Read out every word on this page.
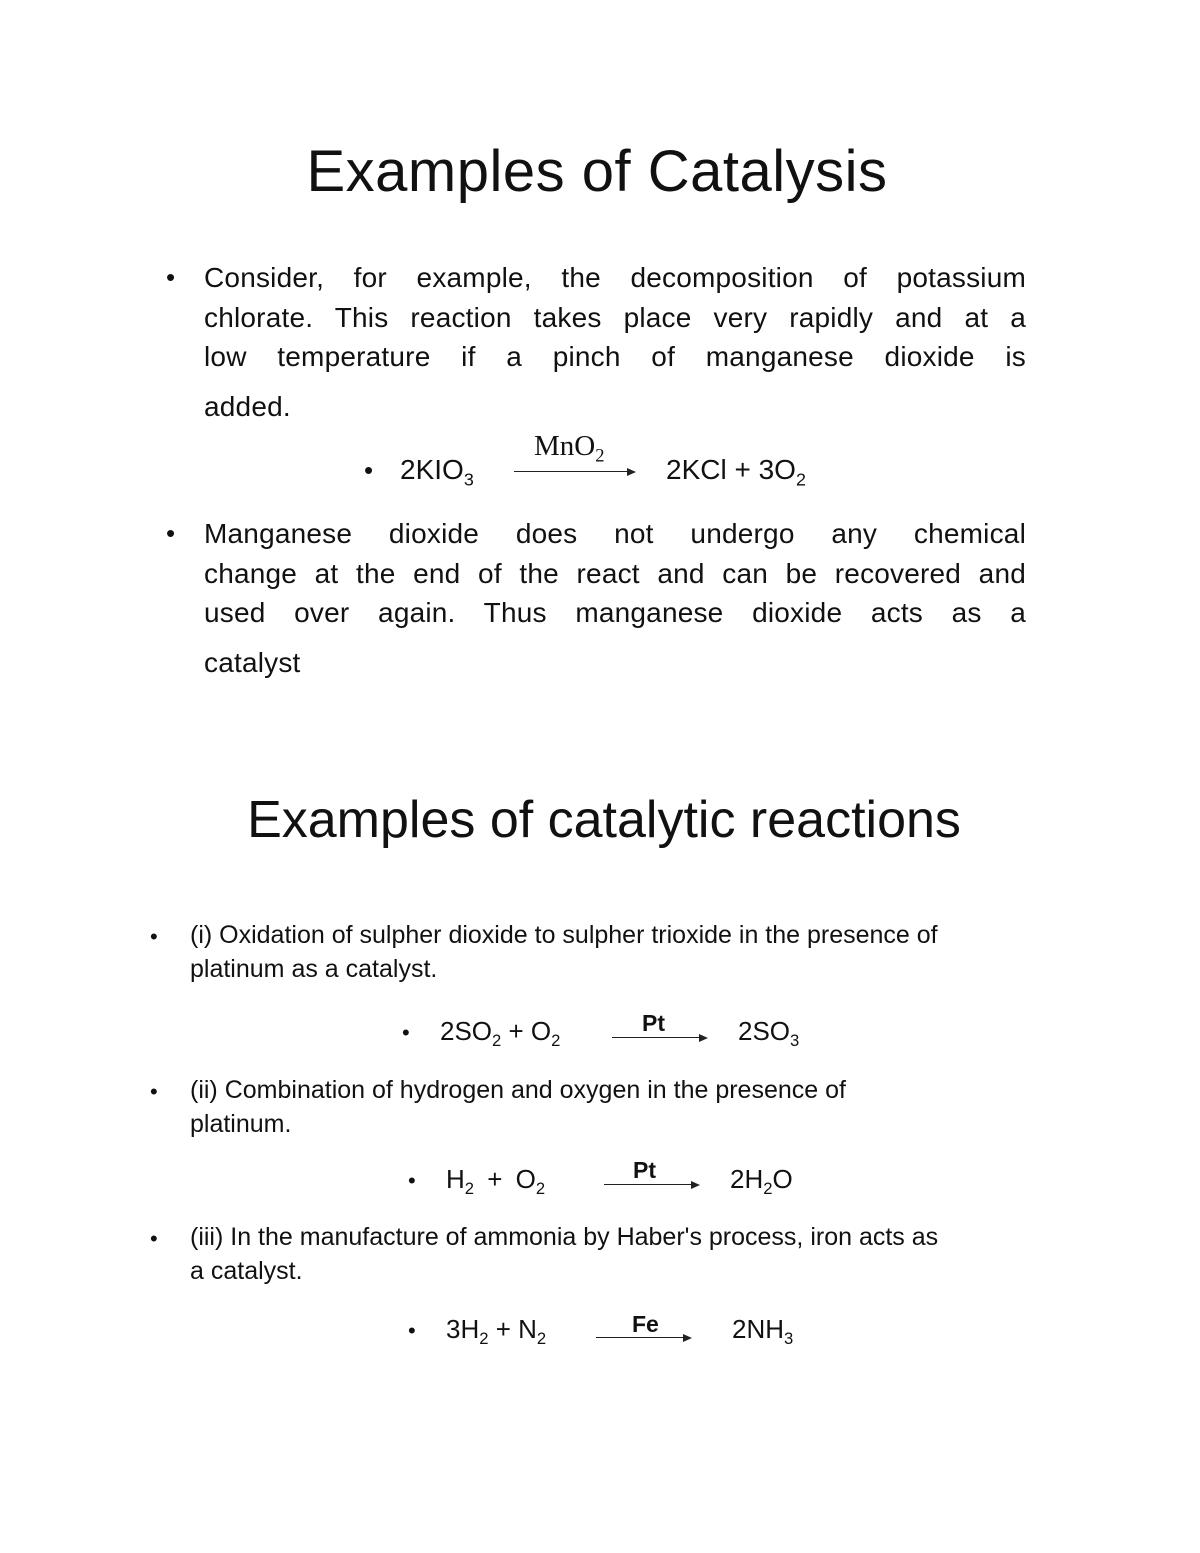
Examples of Catalysis
• Consider, for example, the decomposition of potassium
chlorate. This reaction takes place very rapidly and at a
low temperature if a pinch of manganese dioxide is
added.
• $2KIO_3$
MnO$_2$ $2KCl + 3O_2$
• Manganese dioxide does not undergo any chemical
change at the end of the react and can be recovered and
used over again. Thus manganese dioxide acts as a
catalyst
Examples of catalytic reactions
• (i) Oxidation of sulpher dioxide to sulpher trioxide in the presence of
platinum as a catalyst.
• $2SO_2 + O_2$
Pt	$2SO_3$
• (ii) Combination of hydrogen and oxygen in the presence of
platinum.
• $H_2 + O_2$
Pt	$2H_2O$
• (iii) In the manufacture of ammonia by Haber's process, iron acts as
a catalyst.
• $3H_2 + N_2$
Fe	$2NH_3$
